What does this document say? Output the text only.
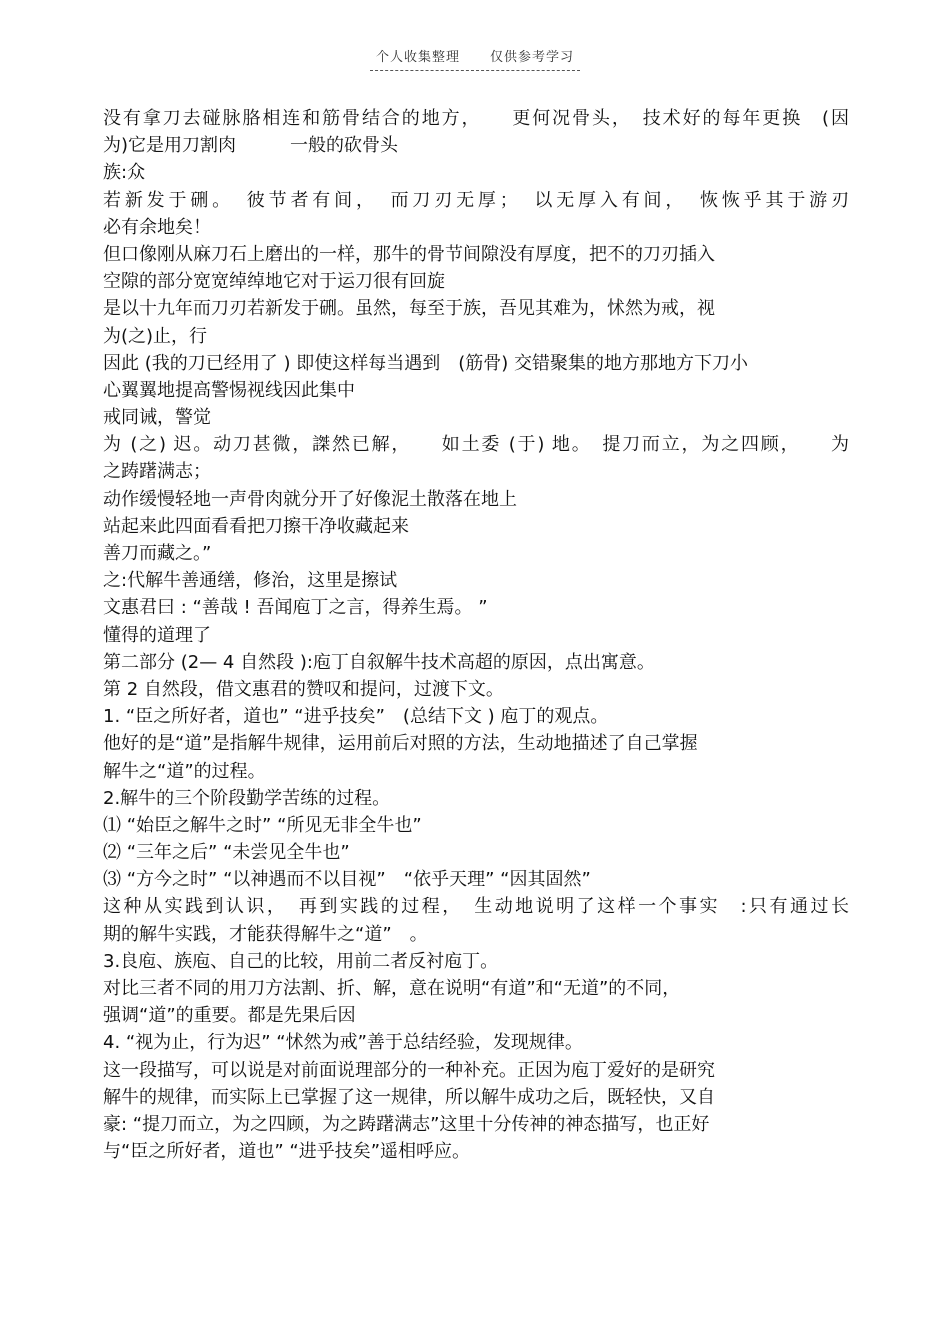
个人收集整理 仅供参考学习
没有拿刀去碰脉胳相连和筋骨结合的地方，　　更何况骨头，　技术好的每年更换　(因
为)它是用刀割肉　　　一般的砍骨头
族:众
若新发于硎。　彼节者有间，　而刀刃无厚；　以无厚入有间，　恢恢乎其于游刃
必有余地矣！
但口像刚从麻刀石上磨出的一样，那牛的骨节间隙没有厚度，把不的刀刃插入
空隙的部分宽宽绰绰地它对于运刀很有回旋
是以十九年而刀刃若新发于硎。虽然，每至于族，吾见其难为，怵然为戒，视
为(之)止，行
因此 (我的刀已经用了 ) 即使这样每当遇到　(筋骨) 交错聚集的地方那地方下刀小
心翼翼地提高警惕视线因此集中
戒同诫，警觉
为 (之) 迟。动刀甚微，謋然已解，　　如土委 (于) 地。　提刀而立，为之四顾，　　为
之踌躇满志；
动作缓慢轻地一声骨肉就分开了好像泥土散落在地上
站起来此四面看看把刀擦干净收藏起来
善刀而藏之。”
之:代解牛善通缮，修治，这里是擦试
文惠君曰 : “善哉 ! 吾闻庖丁之言，得养生焉。 ”
懂得的道理了
第二部分 (2— 4 自然段 ):庖丁自叙解牛技术高超的原因，点出寓意。
第 2 自然段，借文惠君的赞叹和提问，过渡下文。
1. “臣之所好者，道也” “进乎技矣”　(总结下文 ) 庖丁的观点。
他好的是“道”是指解牛规律，运用前后对照的方法，生动地描述了自己掌握
解牛之“道”的过程。
2.解牛的三个阶段勤学苦练的过程。
⑴ “始臣之解牛之时” “所见无非全牛也”
⑵ “三年之后” “未尝见全牛也”
⑶ “方今之时” “以神遇而不以目视”　“依乎天理” “因其固然”
这种从实践到认识，　再到实践的过程，　生动地说明了这样一个事实　:只有通过长
期的解牛实践，才能获得解牛之“道”　。
3.良庖、族庖、自己的比较，用前二者反衬庖丁。
对比三者不同的用刀方法割、折、解，意在说明“有道”和“无道”的不同，
强调“道”的重要。都是先果后因
4. “视为止，行为迟” “怵然为戒”善于总结经验，发现规律。
这一段描写，可以说是对前面说理部分的一种补充。正因为庖丁爱好的是研究
解牛的规律，而实际上已掌握了这一规律，所以解牛成功之后，既轻快，又自
豪: “提刀而立，为之四顾，为之踌躇满志”这里十分传神的神态描写，也正好
与“臣之所好者，道也” “进乎技矣”遥相呼应。
